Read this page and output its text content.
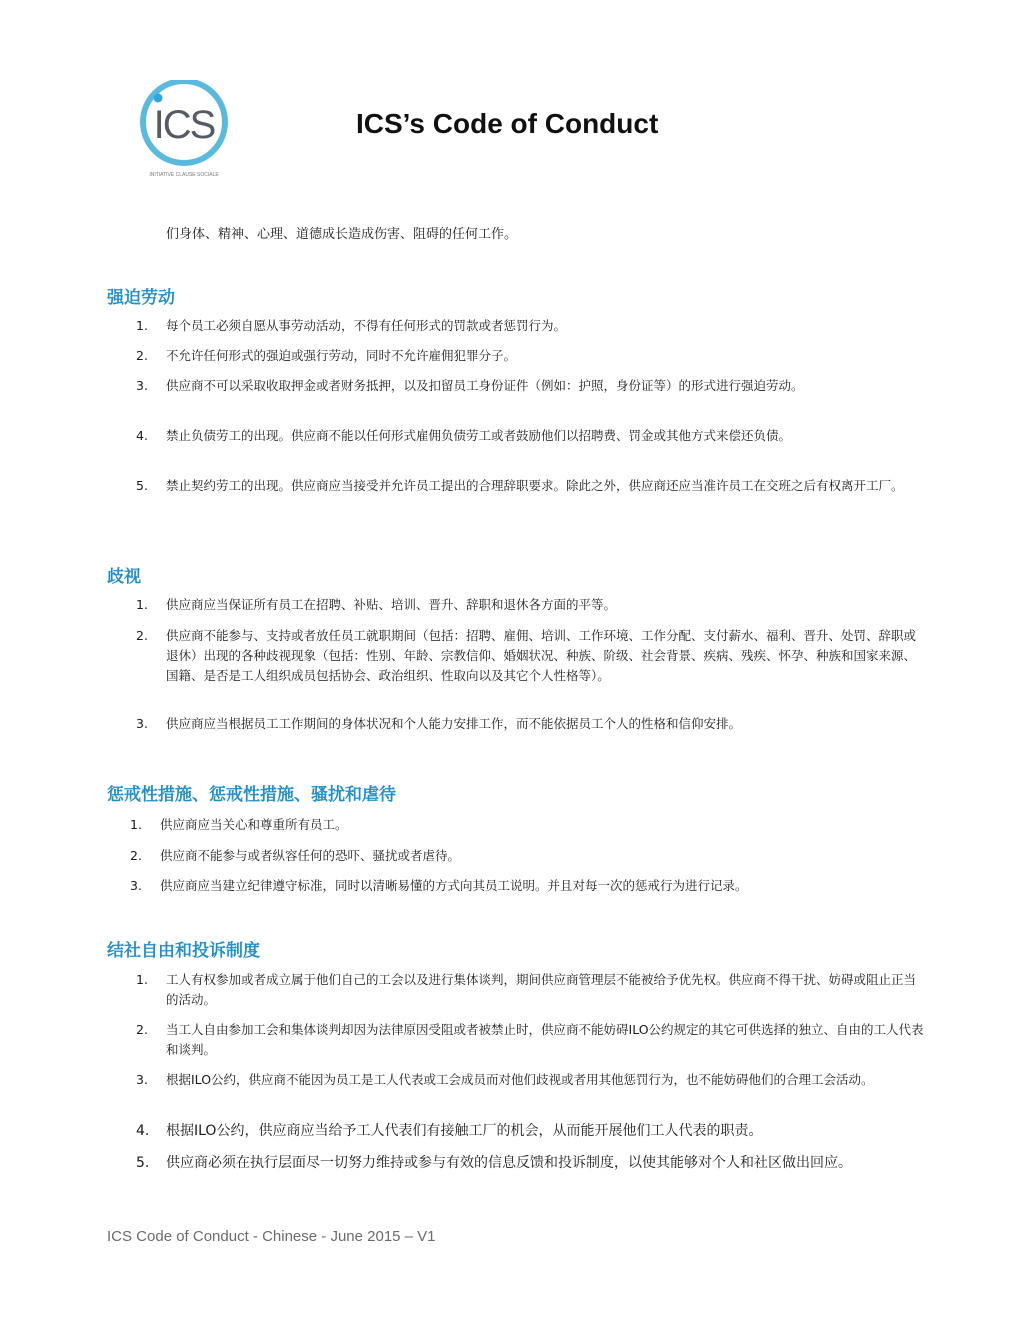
ICS
INITIATIVE CLAUSE SOCIALE
ICS’s Code of Conduct
们身体、精神、心理、道德成长造成伤害、阻碍的任何工作。
强迫劳动
1.	每个员工必须自愿从事劳动活动，不得有任何形式的罚款或者惩罚行为。
2.	不允许任何形式的强迫或强行劳动，同时不允许雇佣犯罪分子。
3.	供应商不可以采取收取押金或者财务抵押，以及扣留员工身份证件（例如：护照，身份证等）的形式进行强迫劳动。
4.	禁止负债劳工的出现。供应商不能以任何形式雇佣负债劳工或者鼓励他们以招聘费、罚金或其他方式来偿还负债。
5.	禁止契约劳工的出现。供应商应当接受并允许员工提出的合理辞职要求。除此之外，供应商还应当准许员工在交班之后有权离开工厂。
歧视
1.	供应商应当保证所有员工在招聘、补贴、培训、晋升、辞职和退休各方面的平等。
2.	供应商不能参与、支持或者放任员工就职期间（包括：招聘、雇佣、培训、工作环境、工作分配、支付薪水、福利、晋升、处罚、辞职或退休）出现的各种歧视现象（包括：性别、年龄、宗教信仰、婚姻状况、种族、阶级、社会背景、疾病、残疾、怀孕、种族和国家来源、国籍、是否是工人组织成员包括协会、政治组织、性取向以及其它个人性格等）。
3.	供应商应当根据员工工作期间的身体状况和个人能力安排工作，而不能依据员工个人的性格和信仰安排。
惩戒性措施、惩戒性措施、骚扰和虐待
1.	供应商应当关心和尊重所有员工。
2.	供应商不能参与或者纵容任何的恐吓、骚扰或者虐待。
3.	供应商应当建立纪律遵守标准，同时以清晰易懂的方式向其员工说明。并且对每一次的惩戒行为进行记录。
结社自由和投诉制度
1.	工人有权参加或者成立属于他们自己的工会以及进行集体谈判，期间供应商管理层不能被给予优先权。供应商不得干扰、妨碍或阻止正当的活动。
2.	当工人自由参加工会和集体谈判却因为法律原因受阻或者被禁止时，供应商不能妨碍ILO公约规定的其它可供选择的独立、自由的工人代表和谈判。
3.	根据ILO公约，供应商不能因为员工是工人代表或工会成员而对他们歧视或者用其他惩罚行为，也不能妨碍他们的合理工会活动。
4.	根据ILO公约，供应商应当给予工人代表们有接触工厂的机会，从而能开展他们工人代表的职责。
5.	供应商必须在执行层面尽一切努力维持或参与有效的信息反馈和投诉制度，以使其能够对个人和社区做出回应。
ICS Code of Conduct - Chinese - June 2015 – V1
